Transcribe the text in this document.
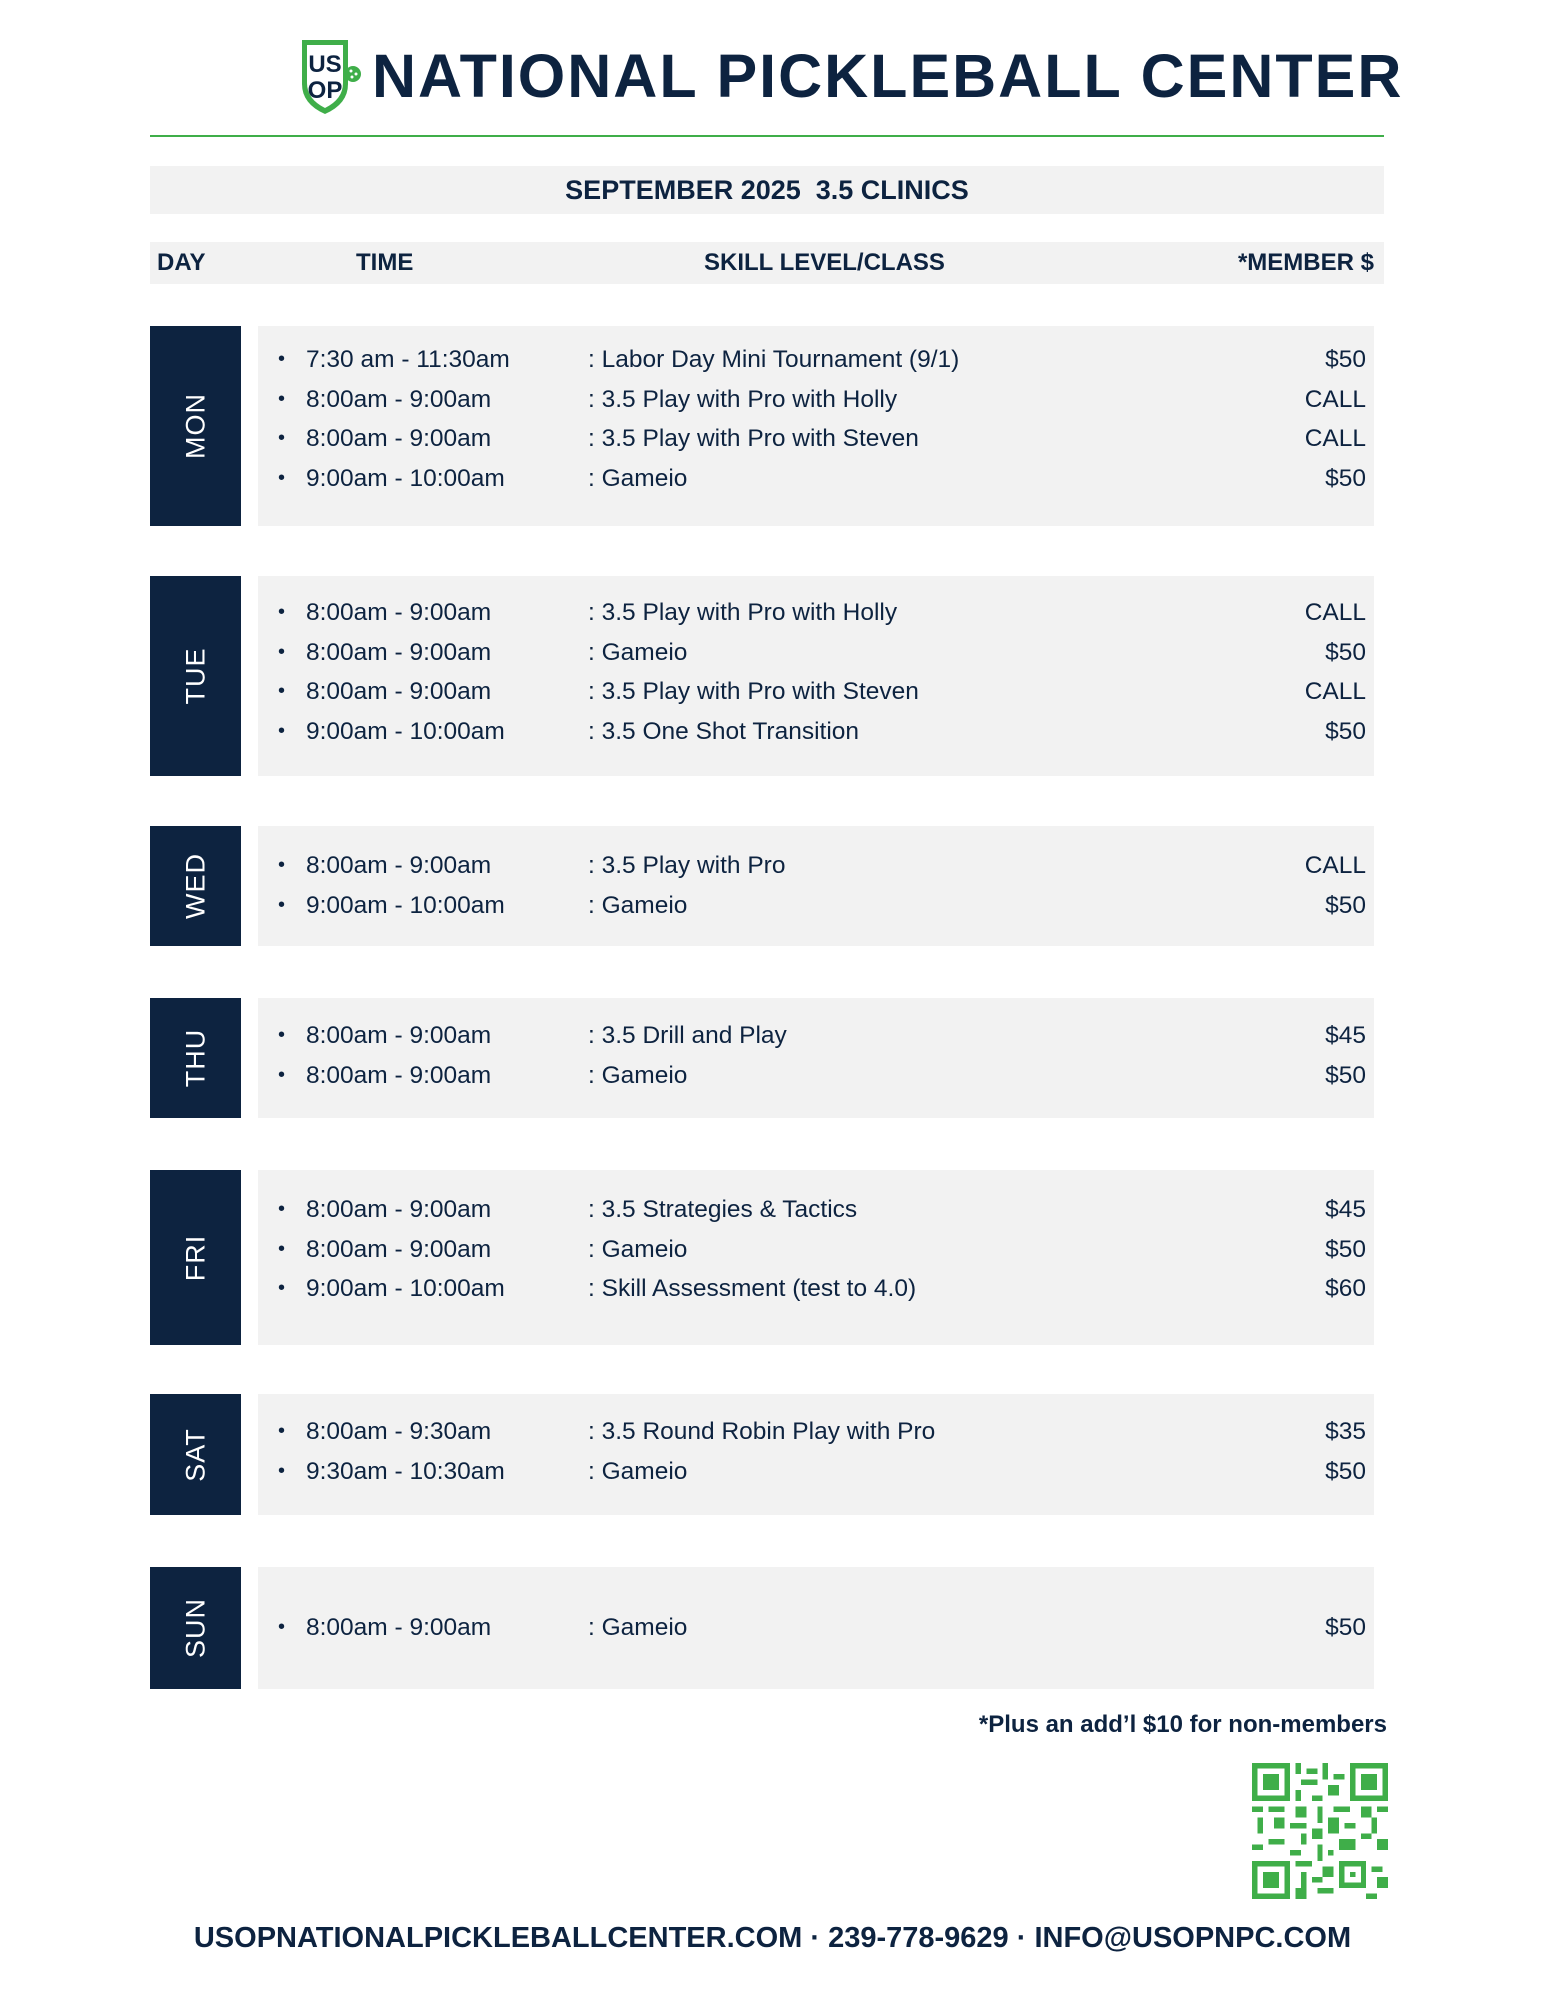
US
OP NATIONAL PICKLEBALL CENTER
SEPTEMBER 2025  3.5 CLINICS
DAY	TIME	SKILL LEVEL/CLASS	*MEMBER $
MON
• 7:30 am - 11:30am	: Labor Day Mini Tournament (9/1)	$50
• 8:00am - 9:00am	: 3.5 Play with Pro with Holly	CALL
• 8:00am - 9:00am	: 3.5 Play with Pro with Steven	CALL
• 9:00am - 10:00am	: Gameio	$50
TUE
• 8:00am - 9:00am	: 3.5 Play with Pro with Holly	CALL
• 8:00am - 9:00am	: Gameio	$50
• 8:00am - 9:00am	: 3.5 Play with Pro with Steven	CALL
• 9:00am - 10:00am	: 3.5 One Shot Transition	$50
WED	• 8:00am - 9:00am	: 3.5 Play with Pro	CALL
• 9:00am - 10:00am	: Gameio	$50
THU	• 8:00am - 9:00am	: 3.5 Drill and Play	$45
• 8:00am - 9:00am	: Gameio	$50
FRI
• 8:00am - 9:00am	: 3.5 Strategies & Tactics	$45
• 8:00am - 9:00am	: Gameio	$50
• 9:00am - 10:00am	: Skill Assessment (test to 4.0)	$60
SAT	• 8:00am - 9:30am	: 3.5 Round Robin Play with Pro	$35
• 9:30am - 10:30am	: Gameio	$50
SUN	• 8:00am - 9:00am	: Gameio	$50
*Plus an add’l $10 for non-members
USOPNATIONALPICKLEBALLCENTER.COM · 239-778-9629 · INFO@USOPNPC.COM
